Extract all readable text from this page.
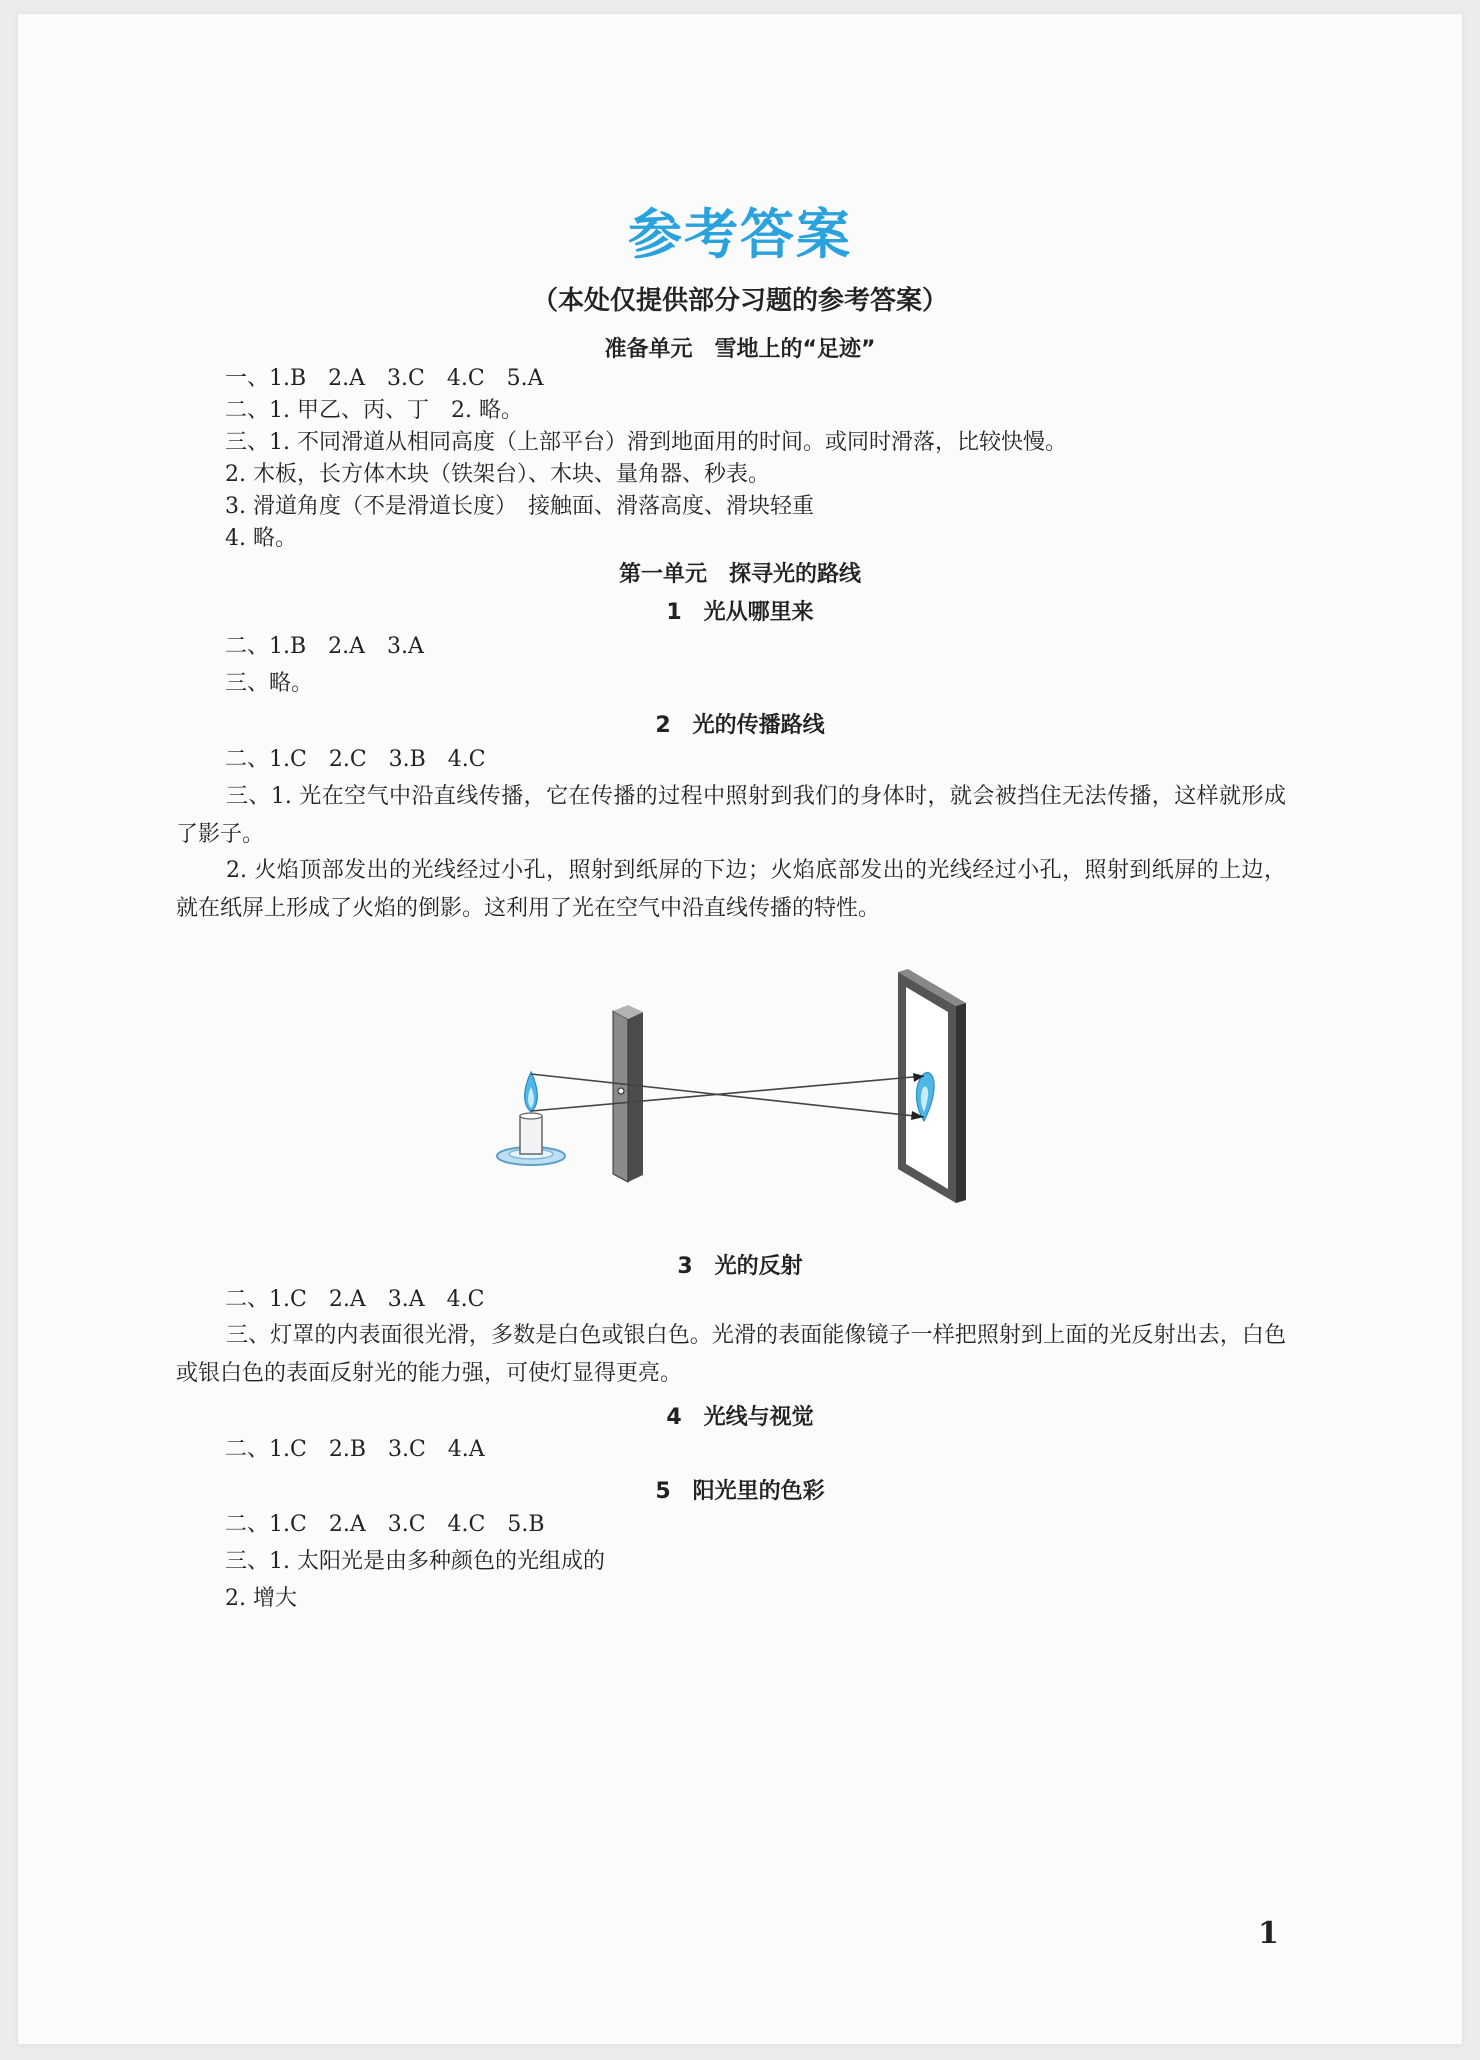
参考答案
（本处仅提供部分习题的参考答案）
准备单元　雪地上的“足迹”
一、1.B　2.A　3.C　4.C　5.A
二、1. 甲乙、丙、丁　2. 略。
三、1. 不同滑道从相同高度（上部平台）滑到地面用的时间。或同时滑落，比较快慢。
2. 木板，长方体木块（铁架台）、木块、量角器、秒表。
3. 滑道角度（不是滑道长度）　接触面、滑落高度、滑块轻重
4. 略。
第一单元　探寻光的路线
1　光从哪里来
二、1.B　2.A　3.A
三、略。
2　光的传播路线
二、1.C　2.C　3.B　4.C
三、1. 光在空气中沿直线传播，它在传播的过程中照射到我们的身体时，就会被挡住无法传播，这样就形成了影子。
2. 火焰顶部发出的光线经过小孔，照射到纸屏的下边；火焰底部发出的光线经过小孔，照射到纸屏的上边，就在纸屏上形成了火焰的倒影。这利用了光在空气中沿直线传播的特性。
3　光的反射
二、1.C　2.A　3.A　4.C
三、灯罩的内表面很光滑，多数是白色或银白色。光滑的表面能像镜子一样把照射到上面的光反射出去，白色或银白色的表面反射光的能力强，可使灯显得更亮。
4　光线与视觉
二、1.C　2.B　3.C　4.A
5　阳光里的色彩
二、1.C　2.A　3.C　4.C　5.B
三、1. 太阳光是由多种颜色的光组成的
2. 增大
1
